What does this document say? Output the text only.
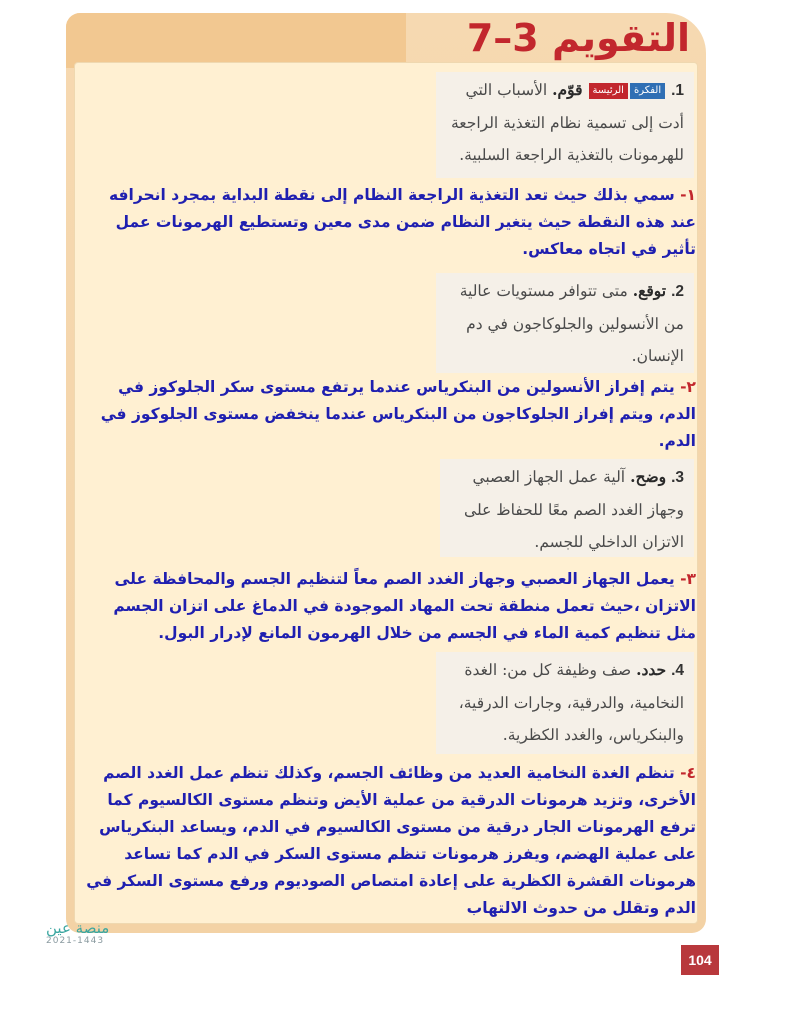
التقويم 3–7
1. الفكرةالرئيسة قوّم. الأسباب التي أدت إلى تسمية نظام التغذية الراجعة للهرمونات بالتغذية الراجعة السلبية.
١- سمي بذلك حيث تعد التغذية الراجعة النظام إلى نقطة البداية بمجرد انحرافه عند هذه النقطة حيث يتغير النظام ضمن مدى معين وتستطيع الهرمونات عمل تأثير في اتجاه معاكس.
2. توقع. متى تتوافر مستويات عالية من الأنسولين والجلوكاجون في دم الإنسان.
٢- يتم إفراز الأنسولين من البنكرياس عندما يرتفع مستوى سكر الجلوكوز في الدم، ويتم إفراز الجلوكاجون من البنكرياس عندما ينخفض مستوى الجلوكوز في الدم.
3. وضح. آلية عمل الجهاز العصبي وجهاز الغدد الصم معًا للحفاظ على الاتزان الداخلي للجسم.
٣- يعمل الجهاز العصبي وجهاز الغدد الصم معاً لتنظيم الجسم والمحافظة على الاتزان ،حيث تعمل منطقة تحت المهاد الموجودة في الدماغ على اتزان الجسم مثل تنظيم كمية الماء في الجسم من خلال الهرمون المانع لإدرار البول.
4. حدد. صف وظيفة كل من: الغدة النخامية، والدرقية، وجارات الدرقية، والبنكرياس، والغدد الكظرية.
٤- تنظم الغدة النخامية العديد من وظائف الجسم، وكذلك تنظم عمل الغدد الصم الأخرى، وتزيد هرمونات الدرقية من عملية الأيض وتنظم مستوى الكالسيوم كما ترفع الهرمونات الجار درقية من مستوى الكالسيوم في الدم، ويساعد البنكرياس على عملية الهضم، ويفرز هرمونات تنظم مستوى السكر في الدم كما تساعد هرمونات القشرة الكظرية على إعادة امتصاص الصوديوم ورفع مستوى السكر في الدم وتقلل من حدوث الالتهاب
منصة عين
2021-1443
104
